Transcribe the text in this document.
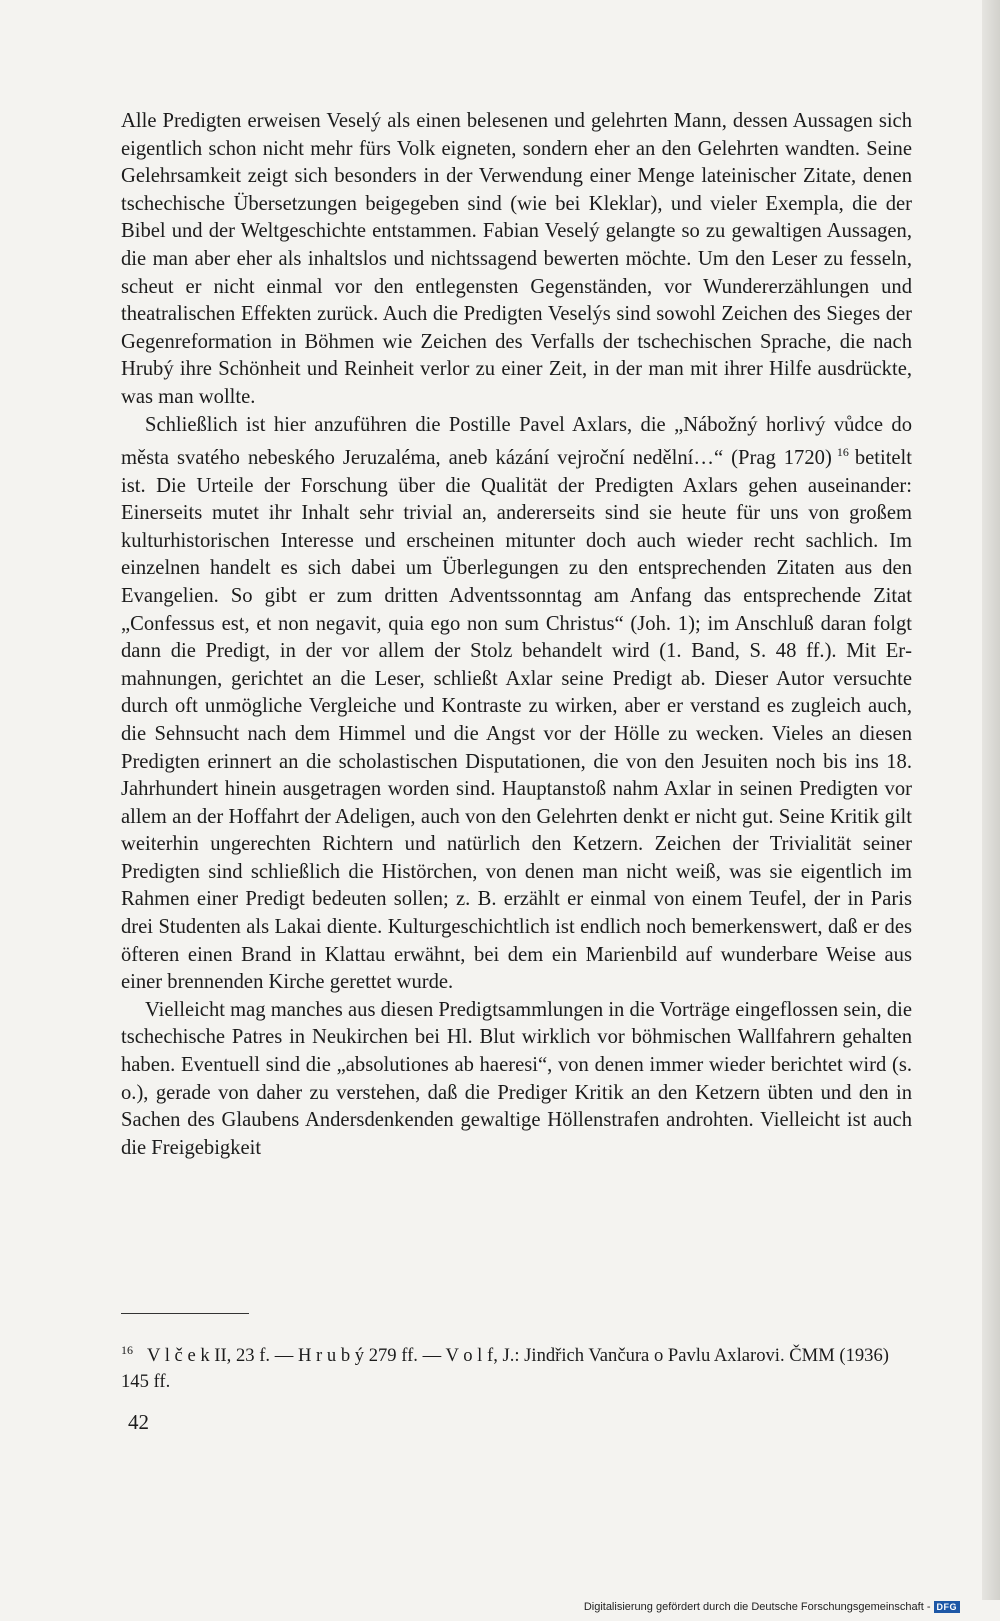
Alle Predigten erweisen Veselý als einen belesenen und gelehrten Mann, dessen Aussagen sich eigentlich schon nicht mehr fürs Volk eigneten, sondern eher an den Gelehrten wandten. Seine Gelehrsamkeit zeigt sich besonders in der Verwendung einer Menge lateinischer Zitate, denen tschechische Übersetzungen beigegeben sind (wie bei Kleklar), und vieler Exempla, die der Bibel und der Weltgeschichte entstammen. Fabian Veselý gelangte so zu gewaltigen Aussagen, die man aber eher als inhaltslos und nichtssagend bewerten möchte. Um den Leser zu fesseln, scheut er nicht einmal vor den entlegensten Gegenständen, vor Wundererzählungen und theatralischen Effekten zurück. Auch die Predigten Veselýs sind sowohl Zeichen des Sieges der Gegenreformation in Böhmen wie Zeichen des Verfalls der tschechischen Sprache, die nach Hrubý ihre Schönheit und Reinheit verlor zu einer Zeit, in der man mit ihrer Hilfe ausdrückte, was man wollte.

Schließlich ist hier anzuführen die Postille Pavel Axlars, die „Nábožný horlivý vůdce do města svatého nebeského Jeruzaléma, aneb kázání vejroční nedělní…“ (Prag 1720) $^{16}$ betitelt ist. Die Urteile der Forschung über die Qualität der Predigten Axlars gehen auseinander: Einerseits mutet ihr Inhalt sehr trivial an, andererseits sind sie heute für uns von großem kulturhistorischen Interesse und erscheinen mitunter doch auch wieder recht sachlich. Im einzelnen handelt es sich dabei um Überlegungen zu den entsprechenden Zitaten aus den Evangelien. So gibt er zum dritten Adventssonntag am Anfang das entsprechende Zitat „Confessus est, et non negavit, quia ego non sum Christus“ (Joh. 1); im Anschluß daran folgt dann die Predigt, in der vor allem der Stolz behandelt wird (1. Band, S. 48 ff.). Mit Ermahnungen, gerichtet an die Leser, schließt Axlar seine Predigt ab. Dieser Autor versuchte durch oft unmögliche Vergleiche und Kontraste zu wirken, aber er verstand es zugleich auch, die Sehnsucht nach dem Himmel und die Angst vor der Hölle zu wecken. Vieles an diesen Predigten erinnert an die scholastischen Disputationen, die von den Jesuiten noch bis ins 18. Jahrhundert hinein ausgetragen worden sind. Hauptanstoß nahm Axlar in seinen Predigten vor allem an der Hoffahrt der Adeligen, auch von den Gelehrten denkt er nicht gut. Seine Kritik gilt weiterhin ungerechten Richtern und natürlich den Ketzern. Zeichen der Trivialität seiner Predigten sind schließlich die Histörchen, von denen man nicht weiß, was sie eigentlich im Rahmen einer Predigt bedeuten sollen; z. B. erzählt er einmal von einem Teufel, der in Paris drei Studenten als Lakai diente. Kulturgeschichtlich ist endlich noch bemerkenswert, daß er des öfteren einen Brand in Klattau erwähnt, bei dem ein Marienbild auf wunderbare Weise aus einer brennenden Kirche gerettet wurde.

Vielleicht mag manches aus diesen Predigtsammlungen in die Vorträge eingeflossen sein, die tschechische Patres in Neukirchen bei Hl. Blut wirklich vor böhmischen Wallfahrern gehalten haben. Eventuell sind die „absolutiones ab haeresi“, von denen immer wieder berichtet wird (s. o.), gerade von daher zu verstehen, daß die Prediger Kritik an den Ketzern übten und den in Sachen des Glaubens Andersdenkenden gewaltige Höllenstrafen androhten. Vielleicht ist auch die Freigebigkeit

$^{16}$ V l č e k II, 23 f. — H r u b ý 279 ff. — V o l f, J.: Jindřich Vančura o Pavlu Axlarovi. ČMM (1936) 145 ff.

42
Digitalisierung gefördert durch die Deutsche Forschungsgemeinschaft - DFG
